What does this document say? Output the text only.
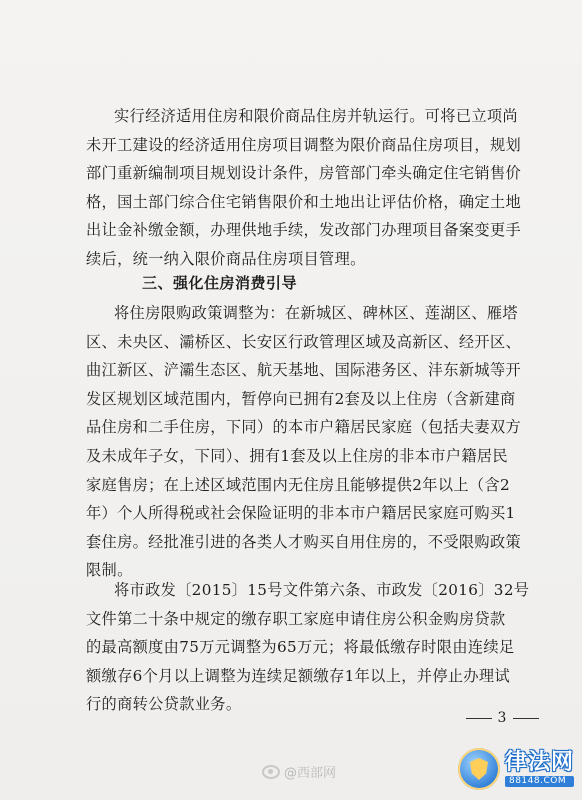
实行经济适用住房和限价商品住房并轨运行。可将已立项尚
未开工建设的经济适用住房项目调整为限价商品住房项目，规划
部门重新编制项目规划设计条件，房管部门牵头确定住宅销售价
格，国土部门综合住宅销售限价和土地出让评估价格，确定土地
出让金补缴金额，办理供地手续，发改部门办理项目备案变更手
续后，统一纳入限价商品住房项目管理。
三、强化住房消费引导
将住房限购政策调整为：在新城区、碑林区、莲湖区、雁塔
区、未央区、灞桥区、长安区行政管理区域及高新区、经开区、
曲江新区、浐灞生态区、航天基地、国际港务区、沣东新城等开
发区规划区域范围内，暂停向已拥有2套及以上住房（含新建商
品住房和二手住房，下同）的本市户籍居民家庭（包括夫妻双方
及未成年子女，下同）、拥有1套及以上住房的非本市户籍居民
家庭售房；在上述区域范围内无住房且能够提供2年以上（含2
年）个人所得税或社会保险证明的非本市户籍居民家庭可购买1
套住房。经批准引进的各类人才购买自用住房的，不受限购政策
限制。
将市政发〔2015〕15号文件第六条、市政发〔2016〕32号
文件第二十条中规定的缴存职工家庭申请住房公积金购房贷款
的最高额度由75万元调整为65万元；将最低缴存时限由连续足
额缴存6个月以上调整为连续足额缴存1年以上，并停止办理试
行的商转公贷款业务。
3
@西部网	律法网
88148.COM
